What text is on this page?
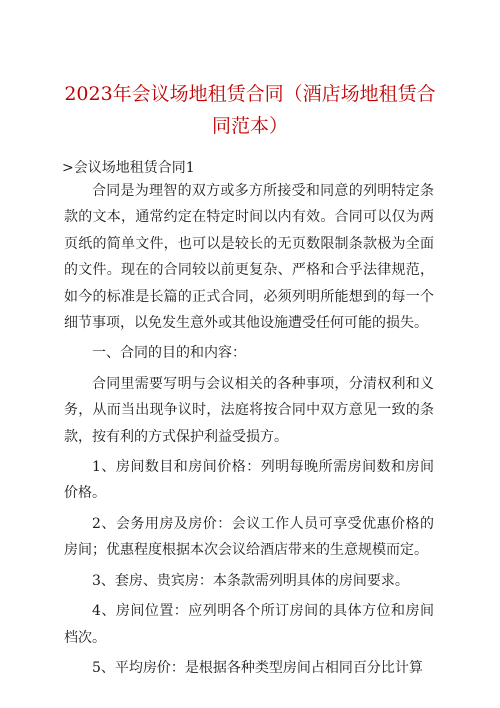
2023年会议场地租赁合同（酒店场地租赁合同范本）

>会议场地租赁合同1

合同是为理智的双方或多方所接受和同意的列明特定条款的文本，通常约定在特定时间以内有效。合同可以仅为两页纸的简单文件，也可以是较长的无页数限制条款极为全面的文件。现在的合同较以前更复杂、严格和合乎法律规范，如今的标准是长篇的正式合同，必须列明所能想到的每一个细节事项，以免发生意外或其他设施遭受任何可能的损失。

一、合同的目的和内容：

合同里需要写明与会议相关的各种事项，分清权利和义务，从而当出现争议时，法庭将按合同中双方意见一致的条款，按有利的方式保护利益受损方。

1、房间数目和房间价格：列明每晚所需房间数和房间价格。

2、会务用房及房价：会议工作人员可享受优惠价格的房间；优惠程度根据本次会议给酒店带来的生意规模而定。

3、套房、贵宾房：本条款需列明具体的房间要求。

4、房间位置：应列明各个所订房间的具体方位和房间档次。

5、平均房价：是根据各种类型房间占相同百分比计算
